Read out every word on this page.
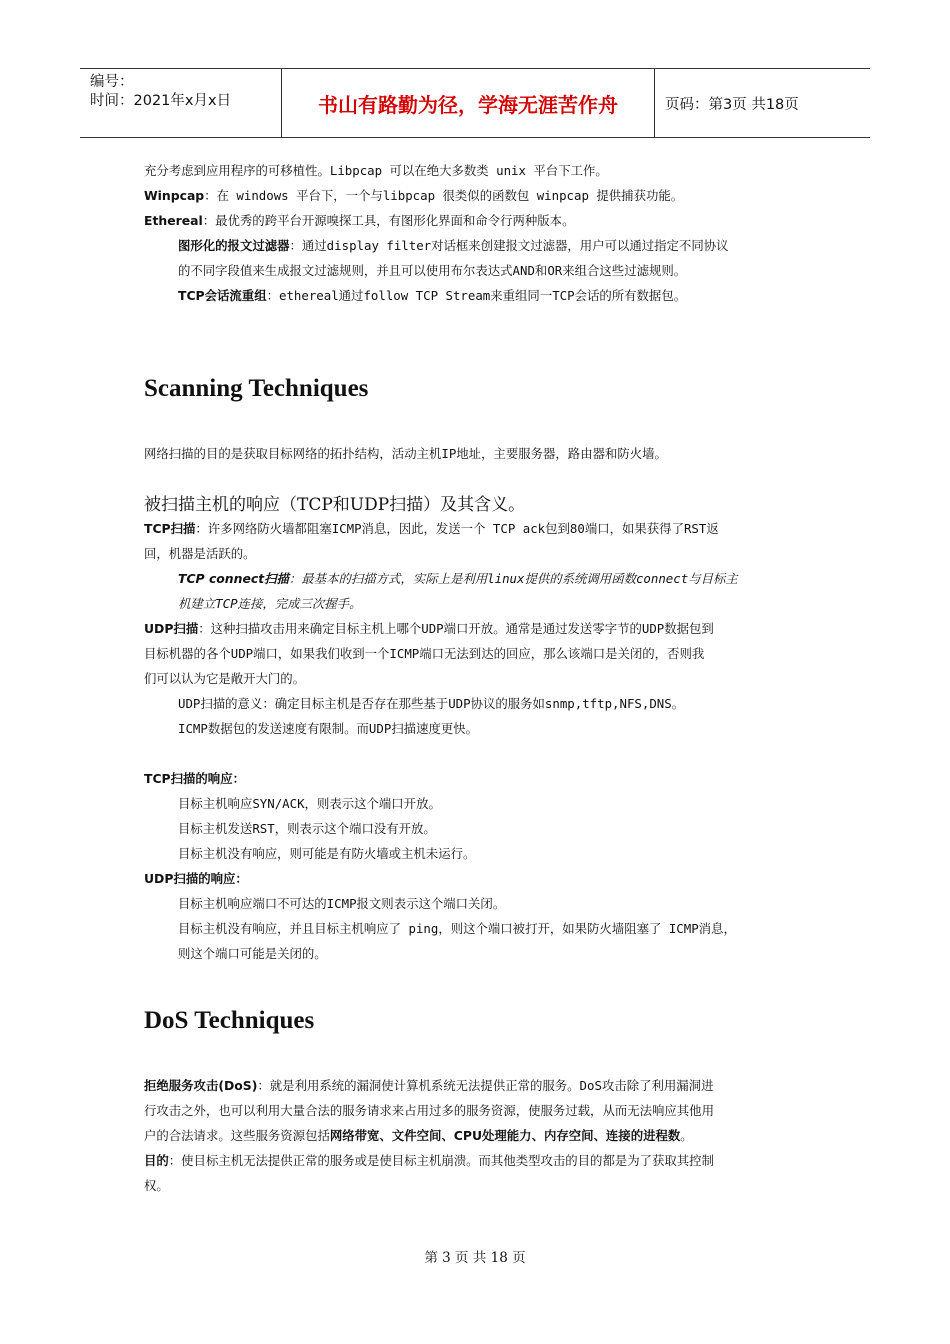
编号：
时间：2021年x月x日	书山有路勤为径，学海无涯苦作舟	页码：第3页 共18页
充分考虑到应用程序的可移植性。Libpcap 可以在绝大多数类 unix 平台下工作。
Winpcap：在 windows 平台下，一个与libpcap 很类似的函数包 winpcap 提供捕获功能。
Ethereal：最优秀的跨平台开源嗅探工具，有图形化界面和命令行两种版本。
图形化的报文过滤器：通过display filter对话框来创建报文过滤器，用户可以通过指定不同协议
的不同字段值来生成报文过滤规则，并且可以使用布尔表达式AND和OR来组合这些过滤规则。
TCP会话流重组：ethereal通过follow TCP Stream来重组同一TCP会话的所有数据包。
Scanning Techniques
网络扫描的目的是获取目标网络的拓扑结构，活动主机IP地址，主要服务器，路由器和防火墙。
被扫描主机的响应（TCP和UDP扫描）及其含义。
TCP扫描：许多网络防火墙都阻塞ICMP消息，因此，发送一个 TCP ack包到80端口，如果获得了RST返
回，机器是活跃的。
TCP connect扫描：最基本的扫描方式，实际上是利用linux提供的系统调用函数connect与目标主
机建立TCP连接，完成三次握手。
UDP扫描：这种扫描攻击用来确定目标主机上哪个UDP端口开放。通常是通过发送零字节的UDP数据包到
目标机器的各个UDP端口，如果我们收到一个ICMP端口无法到达的回应，那么该端口是关闭的，否则我
们可以认为它是敞开大门的。
UDP扫描的意义：确定目标主机是否存在那些基于UDP协议的服务如snmp,tftp,NFS,DNS。
ICMP数据包的发送速度有限制。而UDP扫描速度更快。
TCP扫描的响应：
目标主机响应SYN/ACK，则表示这个端口开放。
目标主机发送RST，则表示这个端口没有开放。
目标主机没有响应，则可能是有防火墙或主机未运行。
UDP扫描的响应：
目标主机响应端口不可达的ICMP报文则表示这个端口关闭。
目标主机没有响应，并且目标主机响应了 ping，则这个端口被打开，如果防火墙阻塞了 ICMP消息，
则这个端口可能是关闭的。
DoS Techniques
拒绝服务攻击(DoS)：就是利用系统的漏洞使计算机系统无法提供正常的服务。DoS攻击除了利用漏洞进
行攻击之外，也可以利用大量合法的服务请求来占用过多的服务资源，使服务过载，从而无法响应其他用
户的合法请求。这些服务资源包括网络带宽、文件空间、CPU处理能力、内存空间、连接的进程数。
目的：使目标主机无法提供正常的服务或是使目标主机崩溃。而其他类型攻击的目的都是为了获取其控制
权。
第 3 页 共 18 页
